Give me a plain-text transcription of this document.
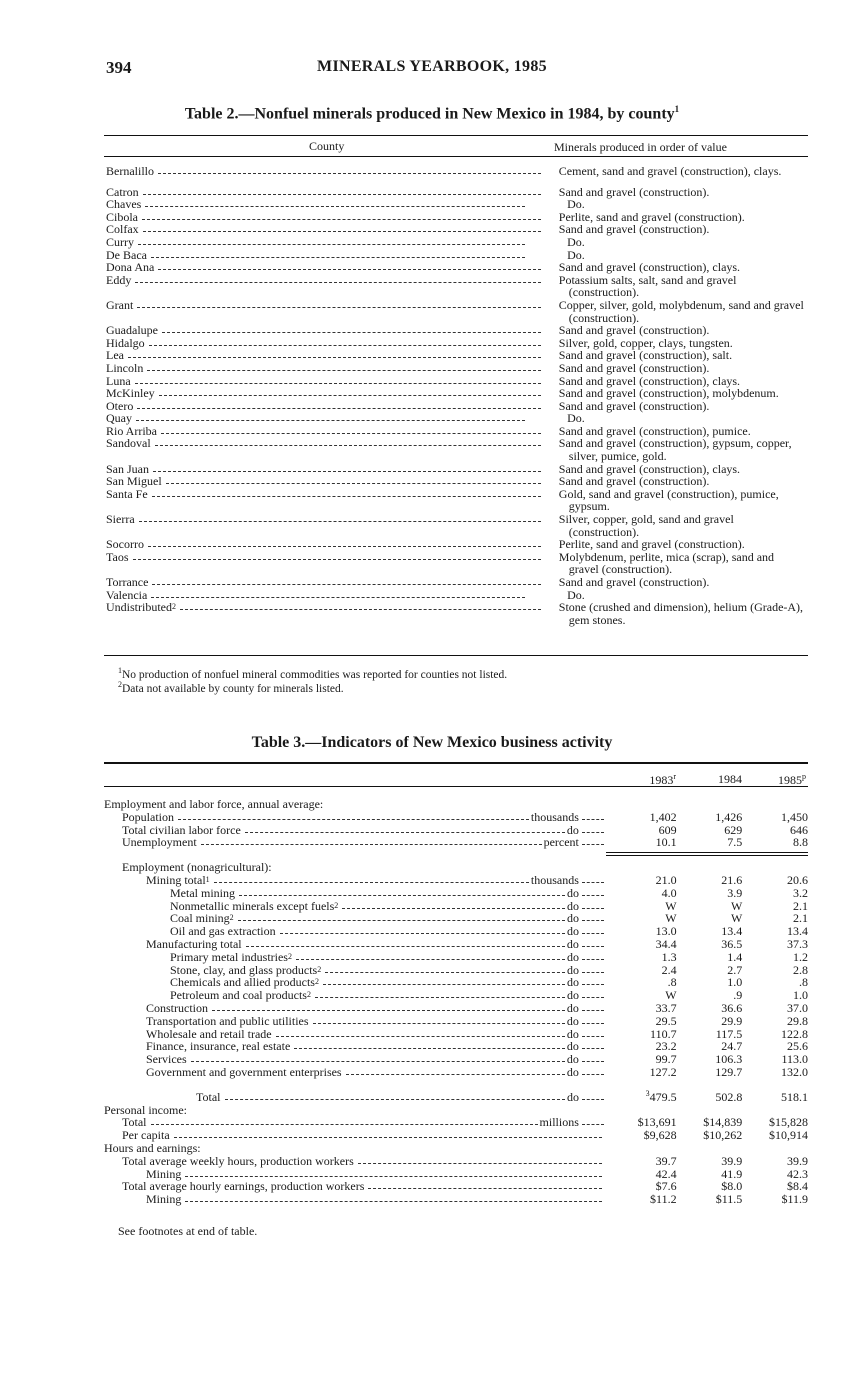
394	MINERALS YEARBOOK, 1985
Table 2.—Nonfuel minerals produced in New Mexico in 1984, by county$^1$
County	Minerals produced in order of value
Bernalillo	Cement, sand and gravel (construction), clays.
Catron	Sand and gravel (construction).
Chaves	Do.
Cibola	Perlite, sand and gravel (construction).
Colfax	Sand and gravel (construction).
Curry	Do.
De Baca	Do.
Dona Ana	Sand and gravel (construction), clays.
Eddy	Potassium salts, salt, sand and gravel (construction).
Grant	Copper, silver, gold, molybdenum, sand and gravel (construction).
Guadalupe	Sand and gravel (construction).
Hidalgo	Silver, gold, copper, clays, tungsten.
Lea	Sand and gravel (construction), salt.
Lincoln	Sand and gravel (construction).
Luna	Sand and gravel (construction), clays.
McKinley	Sand and gravel (construction), molybdenum.
Otero	Sand and gravel (construction).
Quay	Do.
Rio Arriba	Sand and gravel (construction), pumice.
Sandoval	Sand and gravel (construction), gypsum, copper, silver, pumice, gold.
San Juan	Sand and gravel (construction), clays.
San Miguel	Sand and gravel (construction).
Santa Fe	Gold, sand and gravel (construction), pumice, gypsum.
Sierra	Silver, copper, gold, sand and gravel (construction).
Socorro	Perlite, sand and gravel (construction).
Taos	Molybdenum, perlite, mica (scrap), sand and gravel (construction).
Torrance	Sand and gravel (construction).
Valencia	Do.
Undistributed 2	Stone (crushed and dimension), helium (Grade-A), gem stones.
$^1$No production of nonfuel mineral commodities was reported for counties not listed.
$^2$Data not available by county for minerals listed.
Table 3.—Indicators of New Mexico business activity
1983$^r$	1984	1985$^p$
Employment and labor force, annual average:
Population	thousands	1,402	1,426	1,450
Total civilian labor force	do	609	629	646
Unemployment	percent	10.1	7.5	8.8
Employment (nonagricultural):
Mining total 1	thousands	21.0	21.6	20.6
Metal mining	do	4.0	3.9	3.2
Nonmetallic minerals except fuels 2	do	W	W	2.1
Coal mining 2	do	W	W	2.1
Oil and gas extraction	do	13.0	13.4	13.4
Manufacturing total	do	34.4	36.5	37.3
Primary metal industries 2	do	1.3	1.4	1.2
Stone, clay, and glass products 2	do	2.4	2.7	2.8
Chemicals and allied products 2	do	.8	1.0	.8
Petroleum and coal products 2	do	W	.9	1.0
Construction	do	33.7	36.6	37.0
Transportation and public utilities	do	29.5	29.9	29.8
Wholesale and retail trade	do	110.7	117.5	122.8
Finance, insurance, real estate	do	23.2	24.7	25.6
Services	do	99.7	106.3	113.0
Government and government enterprises	do	127.2	129.7	132.0
Total	do	$^3$479.5	502.8	518.1
Personal income:
Total	millions	$13,691	$14,839	$15,828
Per capita	$9,628	$10,262	$10,914
Hours and earnings:
Total average weekly hours, production workers	39.7	39.9	39.9
Mining	42.4	41.9	42.3
Total average hourly earnings, production workers	$7.6	$8.0	$8.4
Mining	$11.2	$11.5	$11.9
See footnotes at end of table.
